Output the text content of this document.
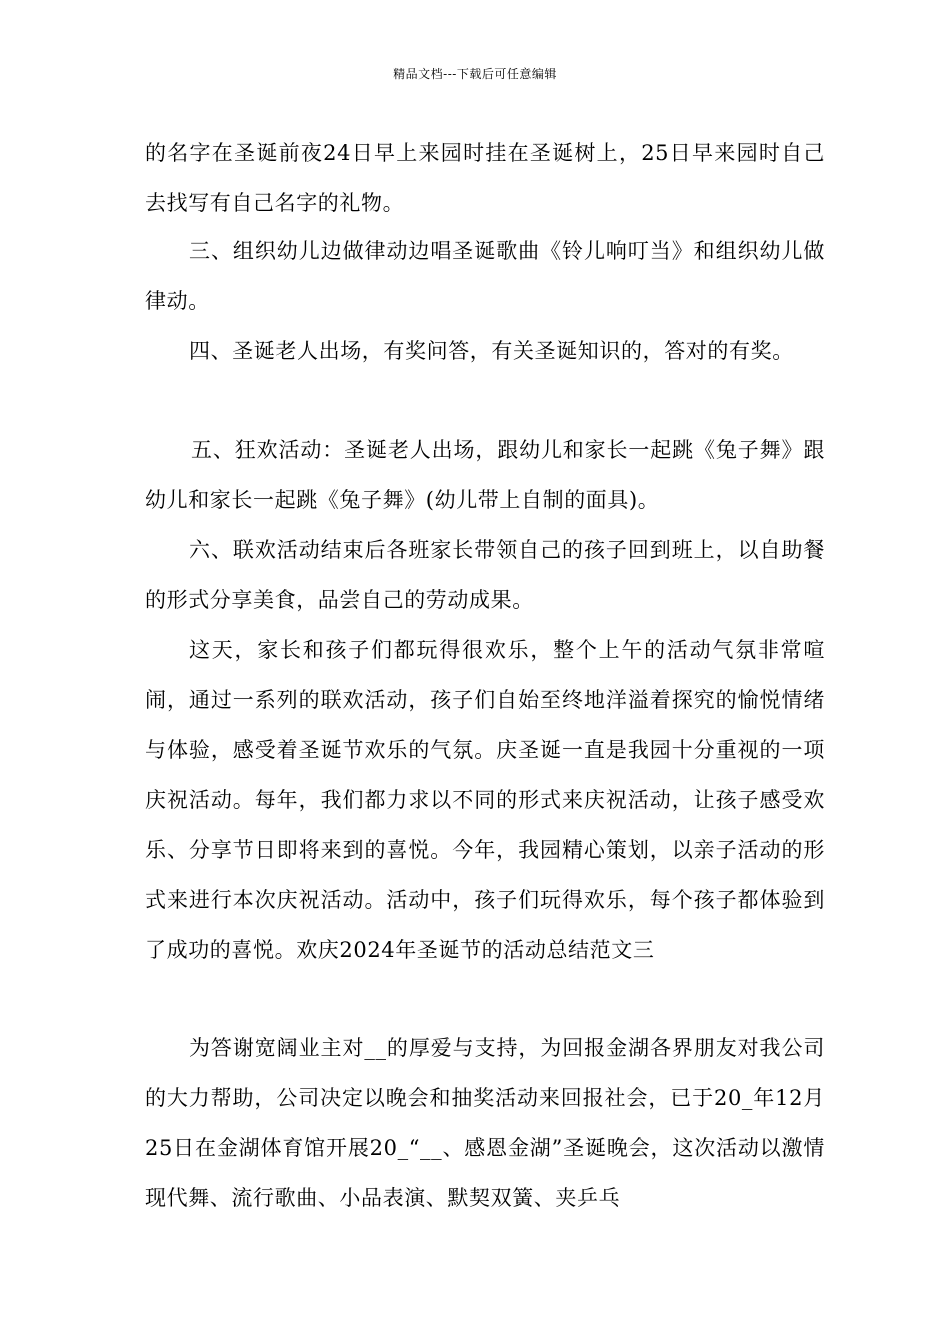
精品文档---下载后可任意编辑

的名字在圣诞前夜24日早上来园时挂在圣诞树上，25日早来园时自己去找写有自己名字的礼物。

三、组织幼儿边做律动边唱圣诞歌曲《铃儿响叮当》和组织幼儿做律动。

四、圣诞老人出场，有奖问答，有关圣诞知识的，答对的有奖。

五、狂欢活动：圣诞老人出场，跟幼儿和家长一起跳《兔子舞》跟幼儿和家长一起跳《兔子舞》(幼儿带上自制的面具)。

六、联欢活动结束后各班家长带领自己的孩子回到班上，以自助餐的形式分享美食，品尝自己的劳动成果。

这天，家长和孩子们都玩得很欢乐，整个上午的活动气氛非常喧闹，通过一系列的联欢活动，孩子们自始至终地洋溢着探究的愉悦情绪与体验，感受着圣诞节欢乐的气氛。庆圣诞一直是我园十分重视的一项庆祝活动。每年，我们都力求以不同的形式来庆祝活动，让孩子感受欢乐、分享节日即将来到的喜悦。今年，我园精心策划，以亲子活动的形式来进行本次庆祝活动。活动中，孩子们玩得欢乐，每个孩子都体验到了成功的喜悦。欢庆2024年圣诞节的活动总结范文三

为答谢宽阔业主对__的厚爱与支持，为回报金湖各界朋友对我公司的大力帮助，公司决定以晚会和抽奖活动来回报社会，已于20_年12月25日在金湖体育馆开展20_“__、感恩金湖”圣诞晚会，这次活动以激情现代舞、流行歌曲、小品表演、默契双簧、夹乒乓
